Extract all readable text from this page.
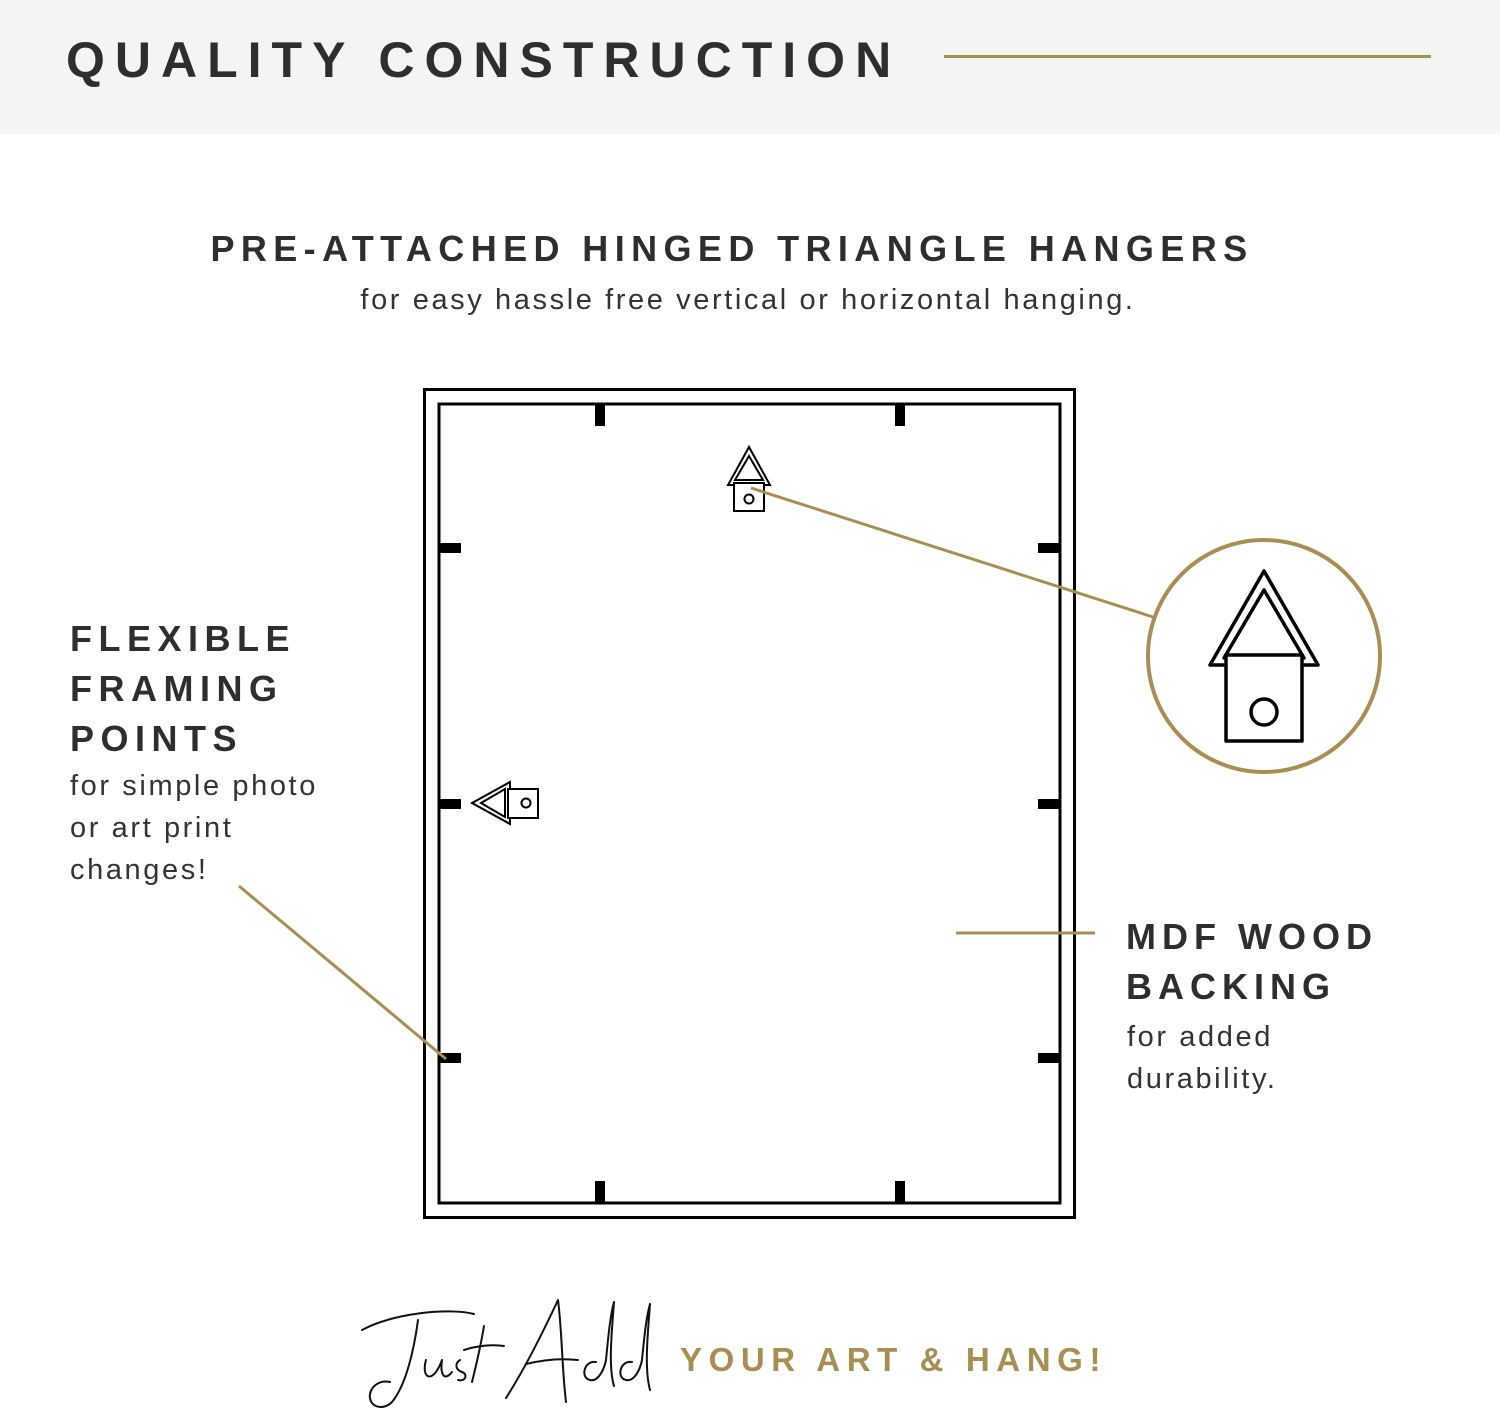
QUALITY CONSTRUCTION
PRE-ATTACHED HINGED TRIANGLE HANGERS
for easy hassle free vertical or horizontal hanging.
FLEXIBLE
FRAMING
POINTS
for simple photo
or art print
changes!
MDF WOOD
BACKING
for added
durability.
YOUR ART & HANG!
